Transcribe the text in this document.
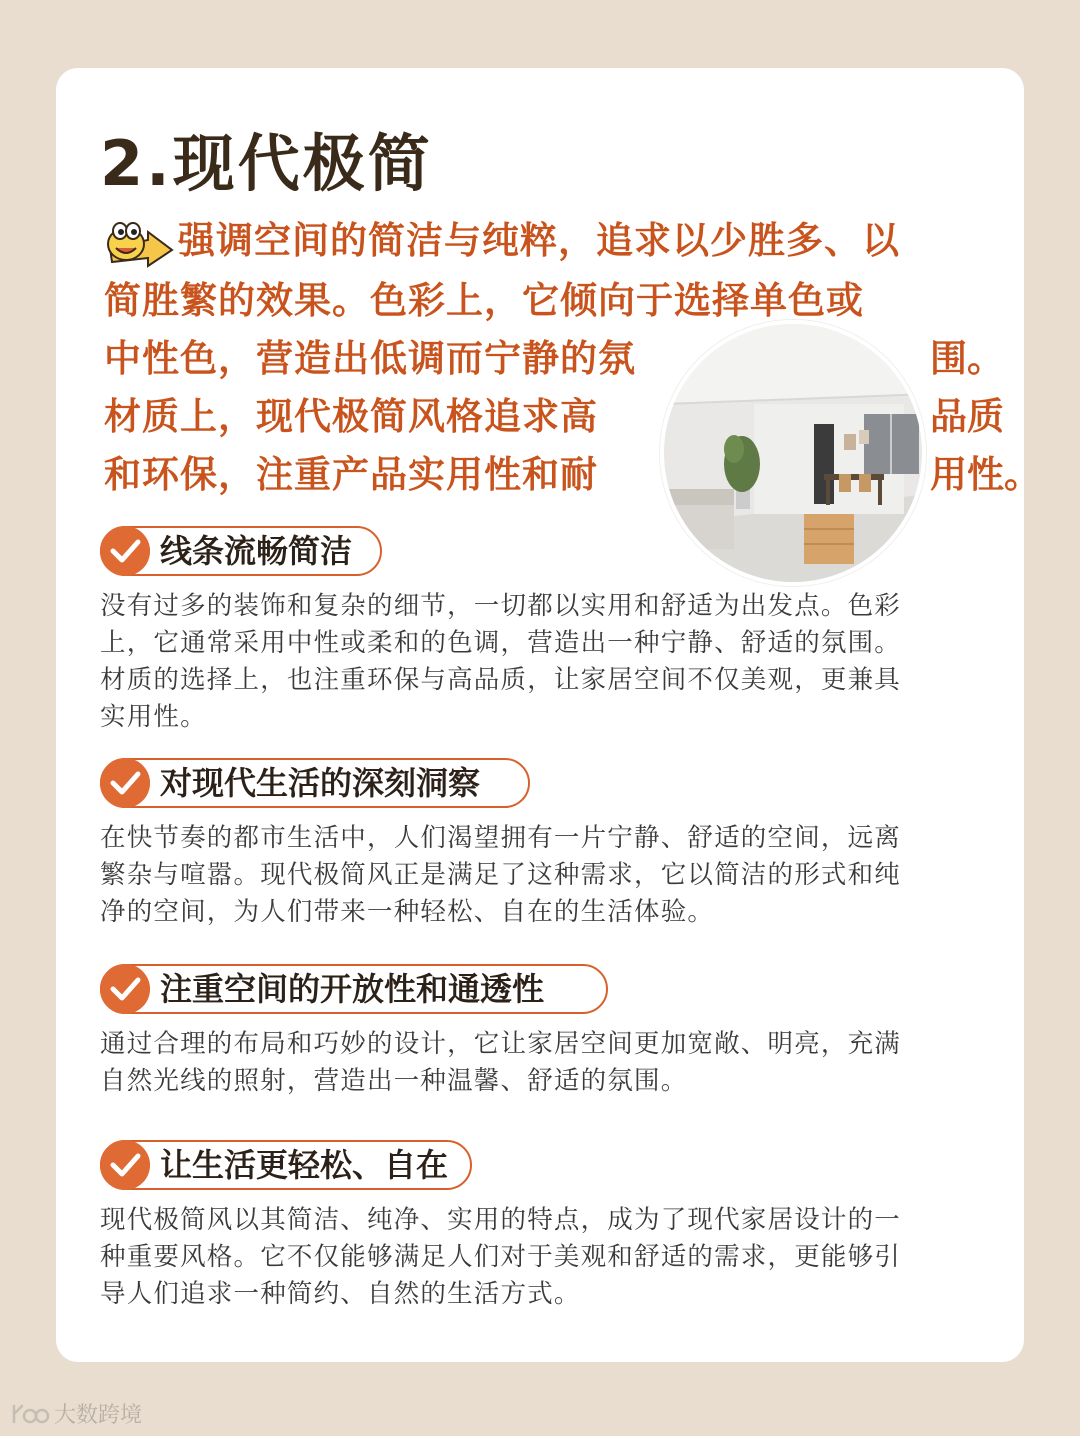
2.现代极简
强调空间的简洁与纯粹，追求以少胜多、以
简胜繁的效果。色彩上，它倾向于选择单色或
中性色，营造出低调而宁静的氛	围。
材质上，现代极简风格追求高	品质
和环保，注重产品实用性和耐	用性。
线条流畅简洁
没有过多的装饰和复杂的细节，一切都以实用和舒适为出发点。色彩
上，它通常采用中性或柔和的色调，营造出一种宁静、舒适的氛围。
材质的选择上，也注重环保与高品质，让家居空间不仅美观，更兼具
实用性。
对现代生活的深刻洞察
在快节奏的都市生活中，人们渴望拥有一片宁静、舒适的空间，远离
繁杂与喧嚣。现代极简风正是满足了这种需求，它以简洁的形式和纯
净的空间，为人们带来一种轻松、自在的生活体验。
注重空间的开放性和通透性
通过合理的布局和巧妙的设计，它让家居空间更加宽敞、明亮，充满
自然光线的照射，营造出一种温馨、舒适的氛围。
让生活更轻松、自在
现代极简风以其简洁、纯净、实用的特点，成为了现代家居设计的一
种重要风格。它不仅能够满足人们对于美观和舒适的需求，更能够引
导人们追求一种简约、自然的生活方式。
大数跨境
